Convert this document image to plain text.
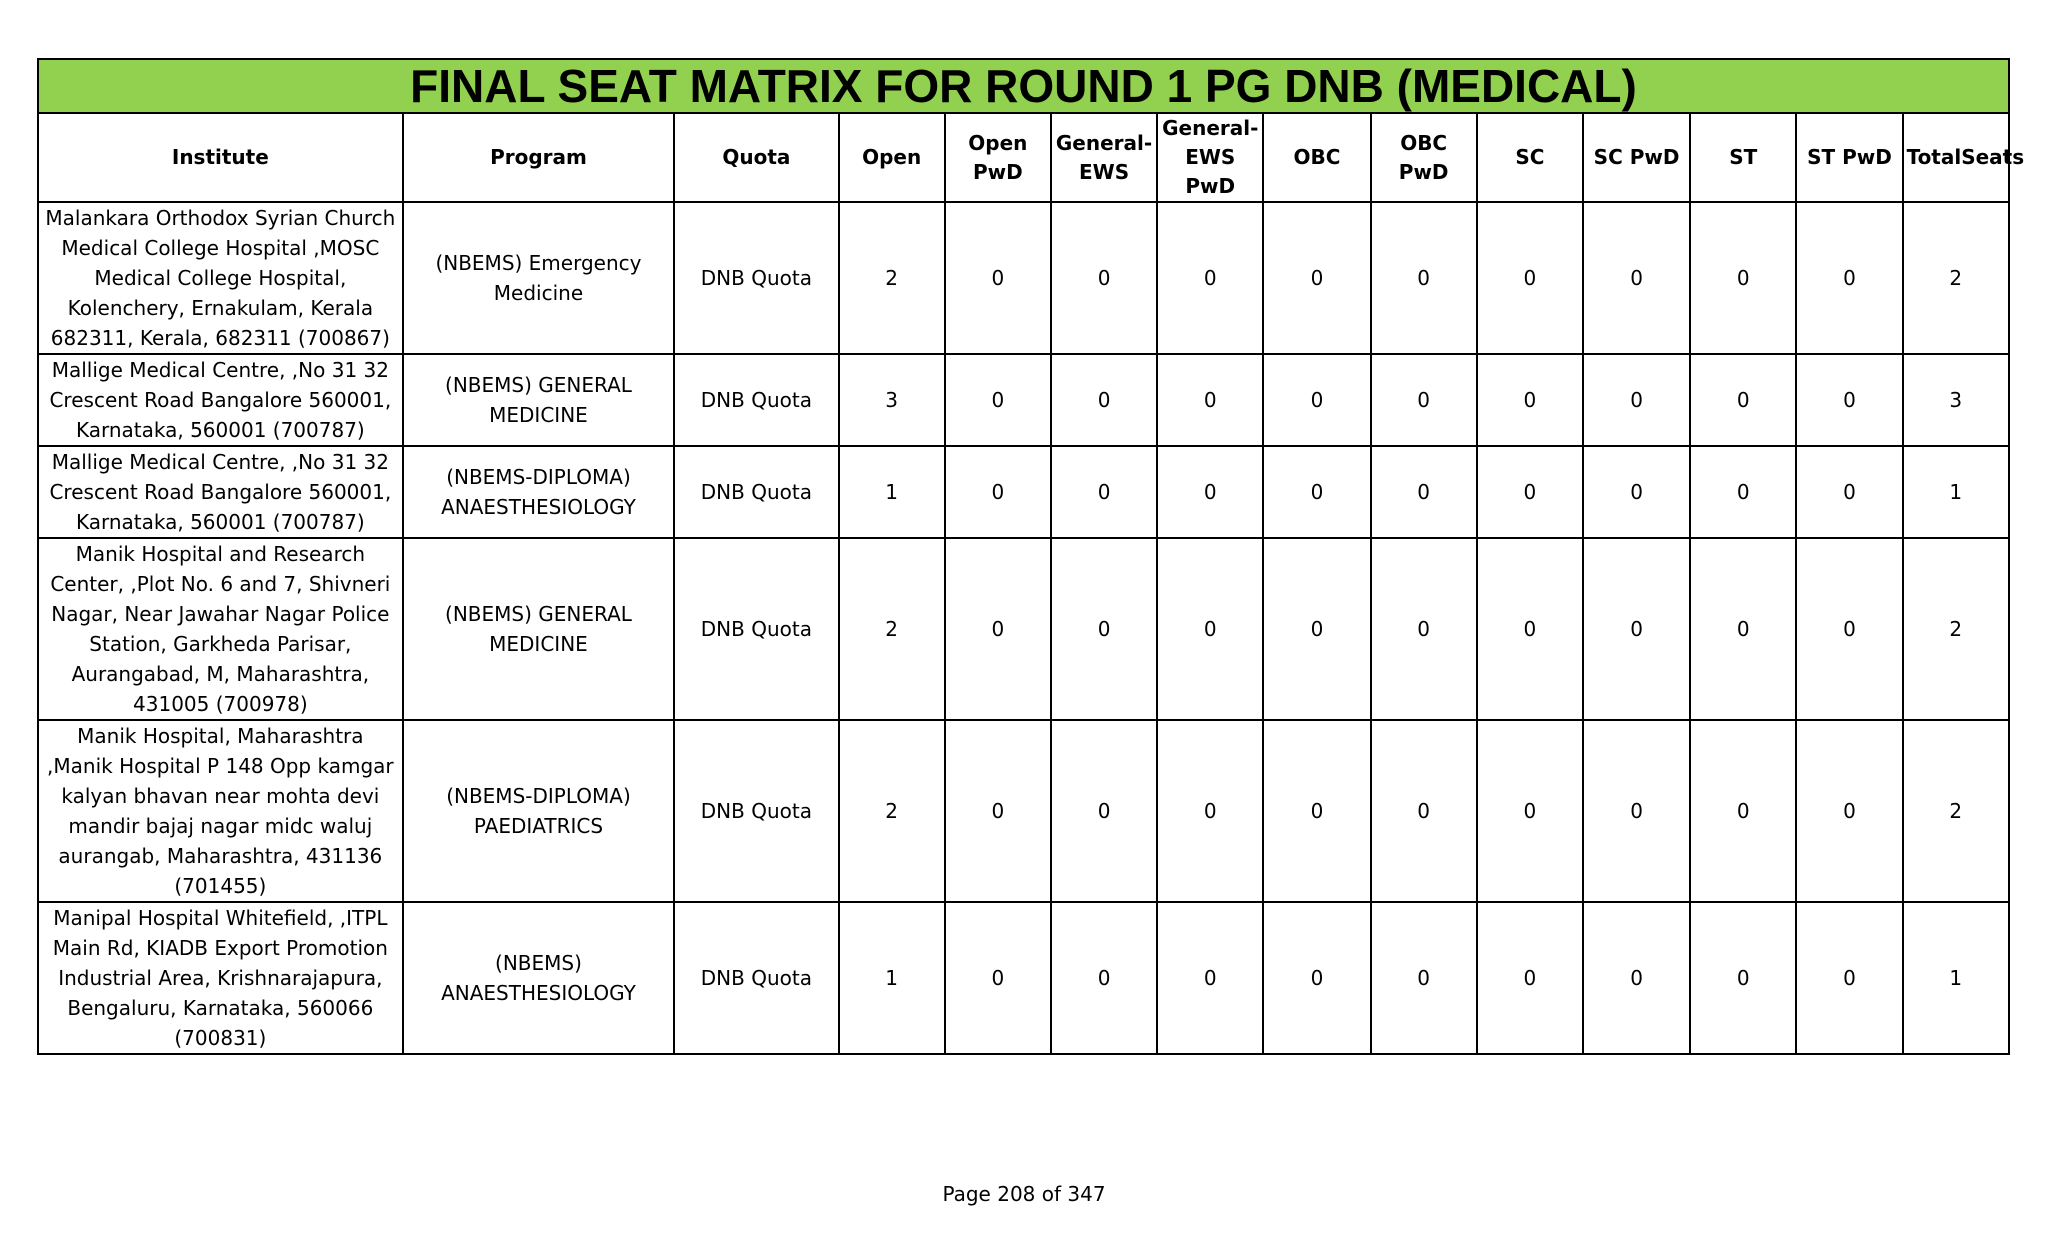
FINAL SEAT MATRIX FOR ROUND 1 PG DNB (MEDICAL)													
Institute	Program	Quota	Open	Open PwD	General-EWS	General-EWS PwD	OBC	OBC PwD	SC	SC PwD	ST	ST PwD	TotalSeats
Malankara Orthodox Syrian Church Medical College Hospital ,MOSC Medical College Hospital, Kolenchery, Ernakulam, Kerala 682311, Kerala, 682311 (700867)	(NBEMS) Emergency Medicine	DNB Quota	2	0	0	0	0	0	0	0	0	0	2
Mallige Medical Centre, ,No 31 32 Crescent Road Bangalore 560001, Karnataka, 560001 (700787)	(NBEMS) GENERAL MEDICINE	DNB Quota	3	0	0	0	0	0	0	0	0	0	3
Mallige Medical Centre, ,No 31 32 Crescent Road Bangalore 560001, Karnataka, 560001 (700787)	(NBEMS-DIPLOMA) ANAESTHESIOLOGY	DNB Quota	1	0	0	0	0	0	0	0	0	0	1
Manik Hospital and Research Center, ,Plot No. 6 and 7, Shivneri Nagar, Near Jawahar Nagar Police Station, Garkheda Parisar, Aurangabad, M, Maharashtra, 431005 (700978)	(NBEMS) GENERAL MEDICINE	DNB Quota	2	0	0	0	0	0	0	0	0	0	2
Manik Hospital, Maharashtra ,Manik Hospital P 148 Opp kamgar kalyan bhavan near mohta devi mandir bajaj nagar midc waluj aurangab, Maharashtra, 431136 (701455)	(NBEMS-DIPLOMA) PAEDIATRICS	DNB Quota	2	0	0	0	0	0	0	0	0	0	2
Manipal Hospital Whitefield, ,ITPL Main Rd, KIADB Export Promotion Industrial Area, Krishnarajapura, Bengaluru, Karnataka, 560066 (700831)	(NBEMS) ANAESTHESIOLOGY	DNB Quota	1	0	0	0	0	0	0	0	0	0	1
Page 208 of 347
